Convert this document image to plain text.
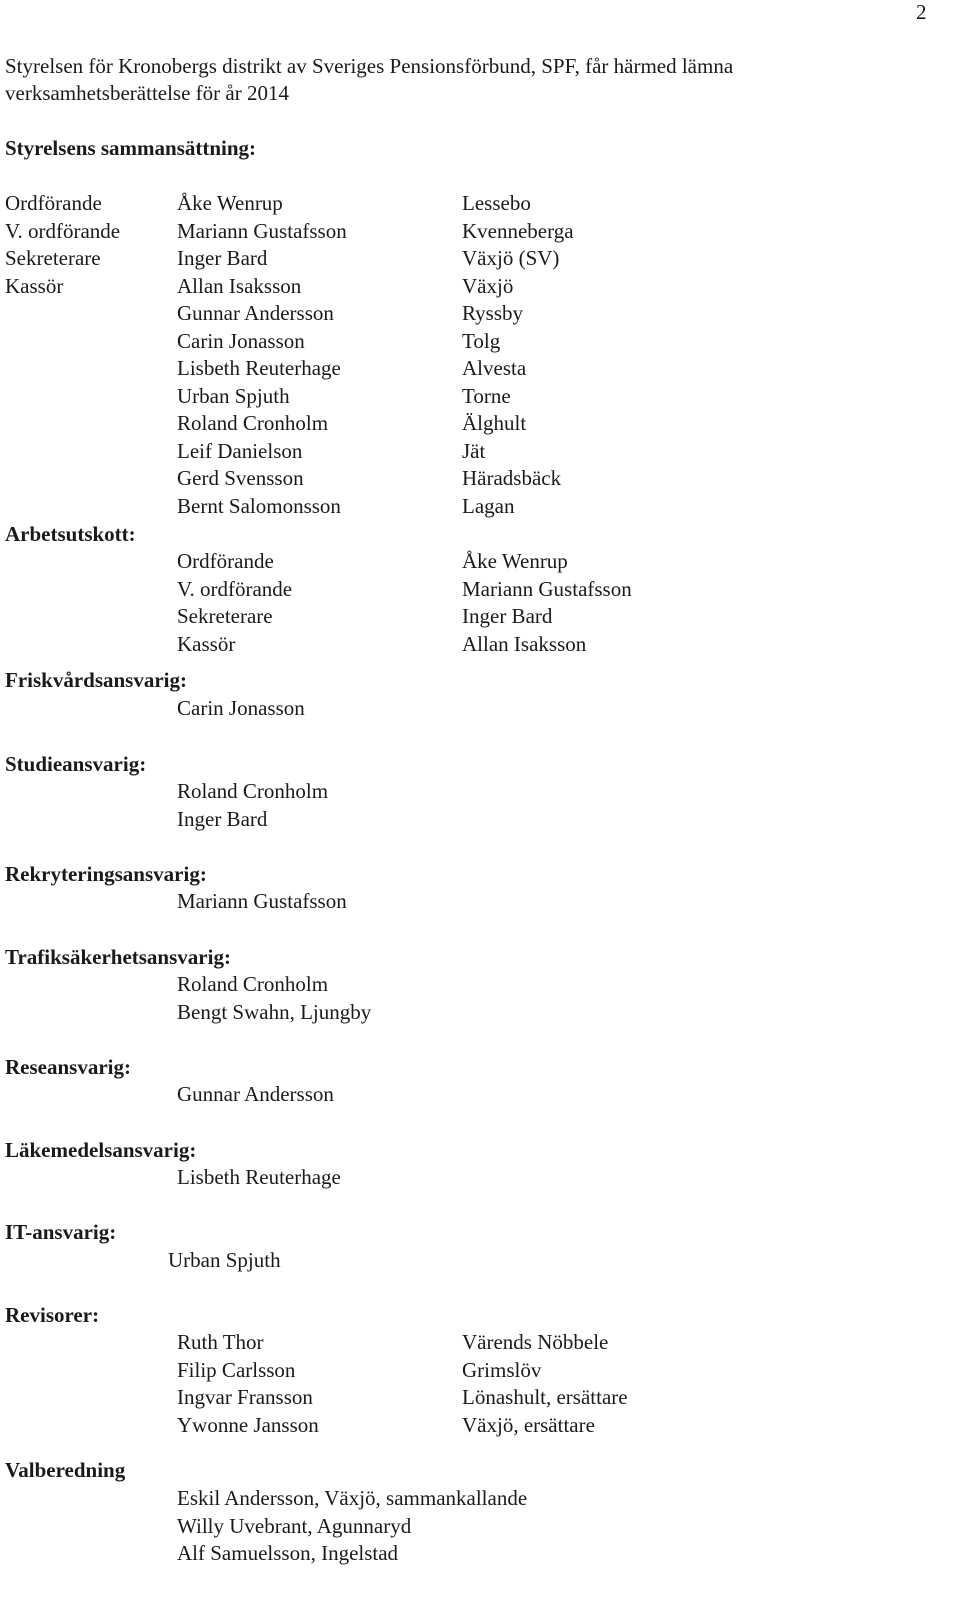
2
Styrelsen för Kronobergs distrikt av Sveriges Pensionsförbund, SPF, får härmed lämna
verksamhetsberättelse för år 2014
Styrelsens sammansättning:
Ordförande	Åke Wenrup	Lessebo
V. ordförande	Mariann Gustafsson	Kvenneberga
Sekreterare	Inger Bard	Växjö (SV)
Kassör	Allan Isaksson	Växjö
Gunnar Andersson	Ryssby
Carin Jonasson	Tolg
Lisbeth Reuterhage	Alvesta
Urban Spjuth	Torne
Roland Cronholm	Älghult
Leif Danielson	Jät
Gerd Svensson	Häradsbäck
Bernt Salomonsson	Lagan
Arbetsutskott:
Ordförande	Åke Wenrup
V. ordförande	Mariann Gustafsson
Sekreterare	Inger Bard
Kassör	Allan Isaksson
Friskvårdsansvarig:
Carin Jonasson
Studieansvarig:
Roland Cronholm
Inger Bard
Rekryteringsansvarig:
Mariann Gustafsson
Trafiksäkerhetsansvarig:
Roland Cronholm
Bengt Swahn, Ljungby
Reseansvarig:
Gunnar Andersson
Läkemedelsansvarig:
Lisbeth Reuterhage
IT-ansvarig:
Urban Spjuth
Revisorer:
Ruth Thor	Värends Nöbbele
Filip Carlsson	Grimslöv
Ingvar Fransson	Lönashult, ersättare
Ywonne Jansson	Växjö, ersättare
Valberedning
Eskil Andersson, Växjö, sammankallande
Willy Uvebrant, Agunnaryd
Alf Samuelsson, Ingelstad
